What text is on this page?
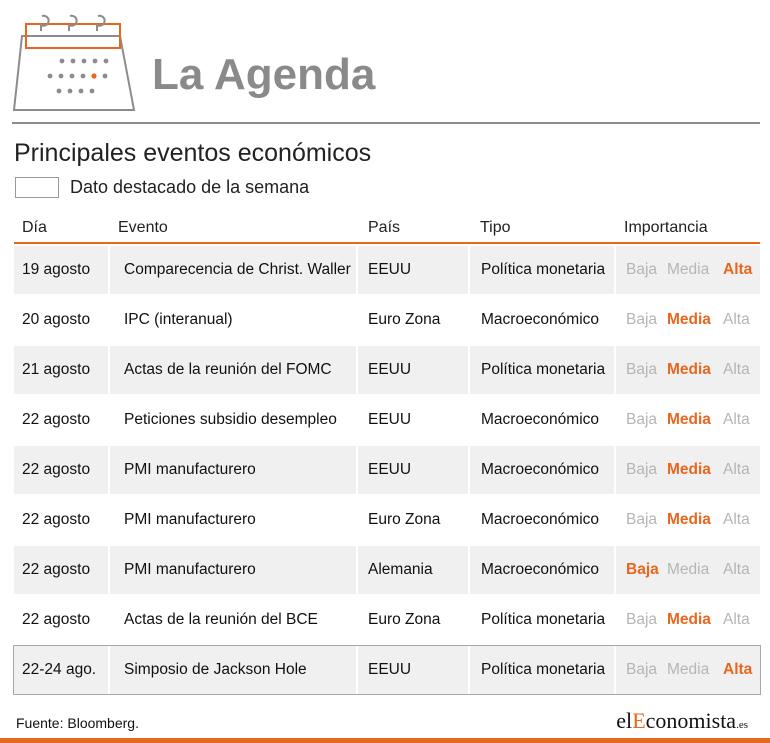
La Agenda
Principales eventos económicos
Dato destacado de la semana
Día	Evento	País	Tipo	Importancia
19 agosto	Comparecencia de Christ. Waller	EEUU	Política monetaria	Baja Media Alta
20 agosto	IPC (interanual)	Euro Zona	Macroeconómico	Baja Media Alta
21 agosto	Actas de la reunión del FOMC	EEUU	Política monetaria	Baja Media Alta
22 agosto	Peticiones subsidio desempleo	EEUU	Macroeconómico	Baja Media Alta
22 agosto	PMI manufacturero	EEUU	Macroeconómico	Baja Media Alta
22 agosto	PMI manufacturero	Euro Zona	Macroeconómico	Baja Media Alta
22 agosto	PMI manufacturero	Alemania	Macroeconómico	Baja Media Alta
22 agosto	Actas de la reunión del BCE	Euro Zona	Política monetaria	Baja Media Alta
22-24 ago.	Simposio de Jackson Hole	EEUU	Política monetaria	Baja Media Alta
Fuente: Bloomberg.	elEconomista.es
